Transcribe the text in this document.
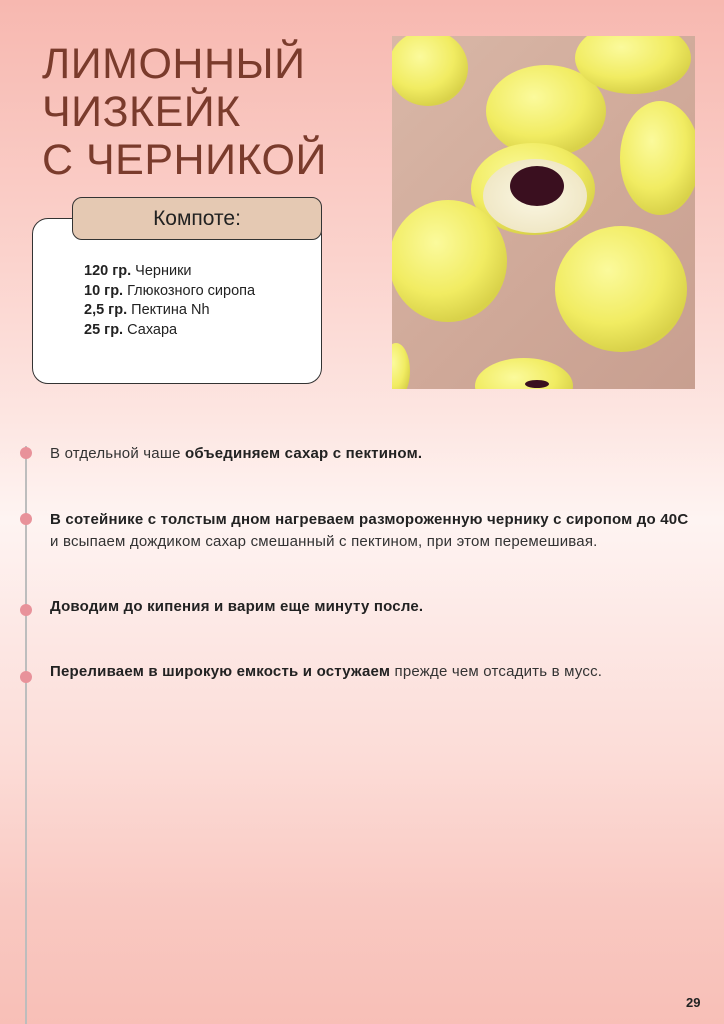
ЛИМОННЫЙ
ЧИЗКЕЙК
С ЧЕРНИКОЙ
Компоте:
120 гр. Черники
10 гр. Глюкозного сиропа
2,5 гр. Пектина Nh
25 гр. Сахара
В отдельной чаше объединяем сахар с пектином.
В сотейнике с толстым дном нагреваем размороженную чернику с сиропом до 40С и всыпаем дождиком сахар смешанный с пектином, при этом перемешивая.
Доводим до кипения и варим еще минуту после.
Переливаем в широкую емкость и остужаем прежде чем отсадить в мусс.
29
